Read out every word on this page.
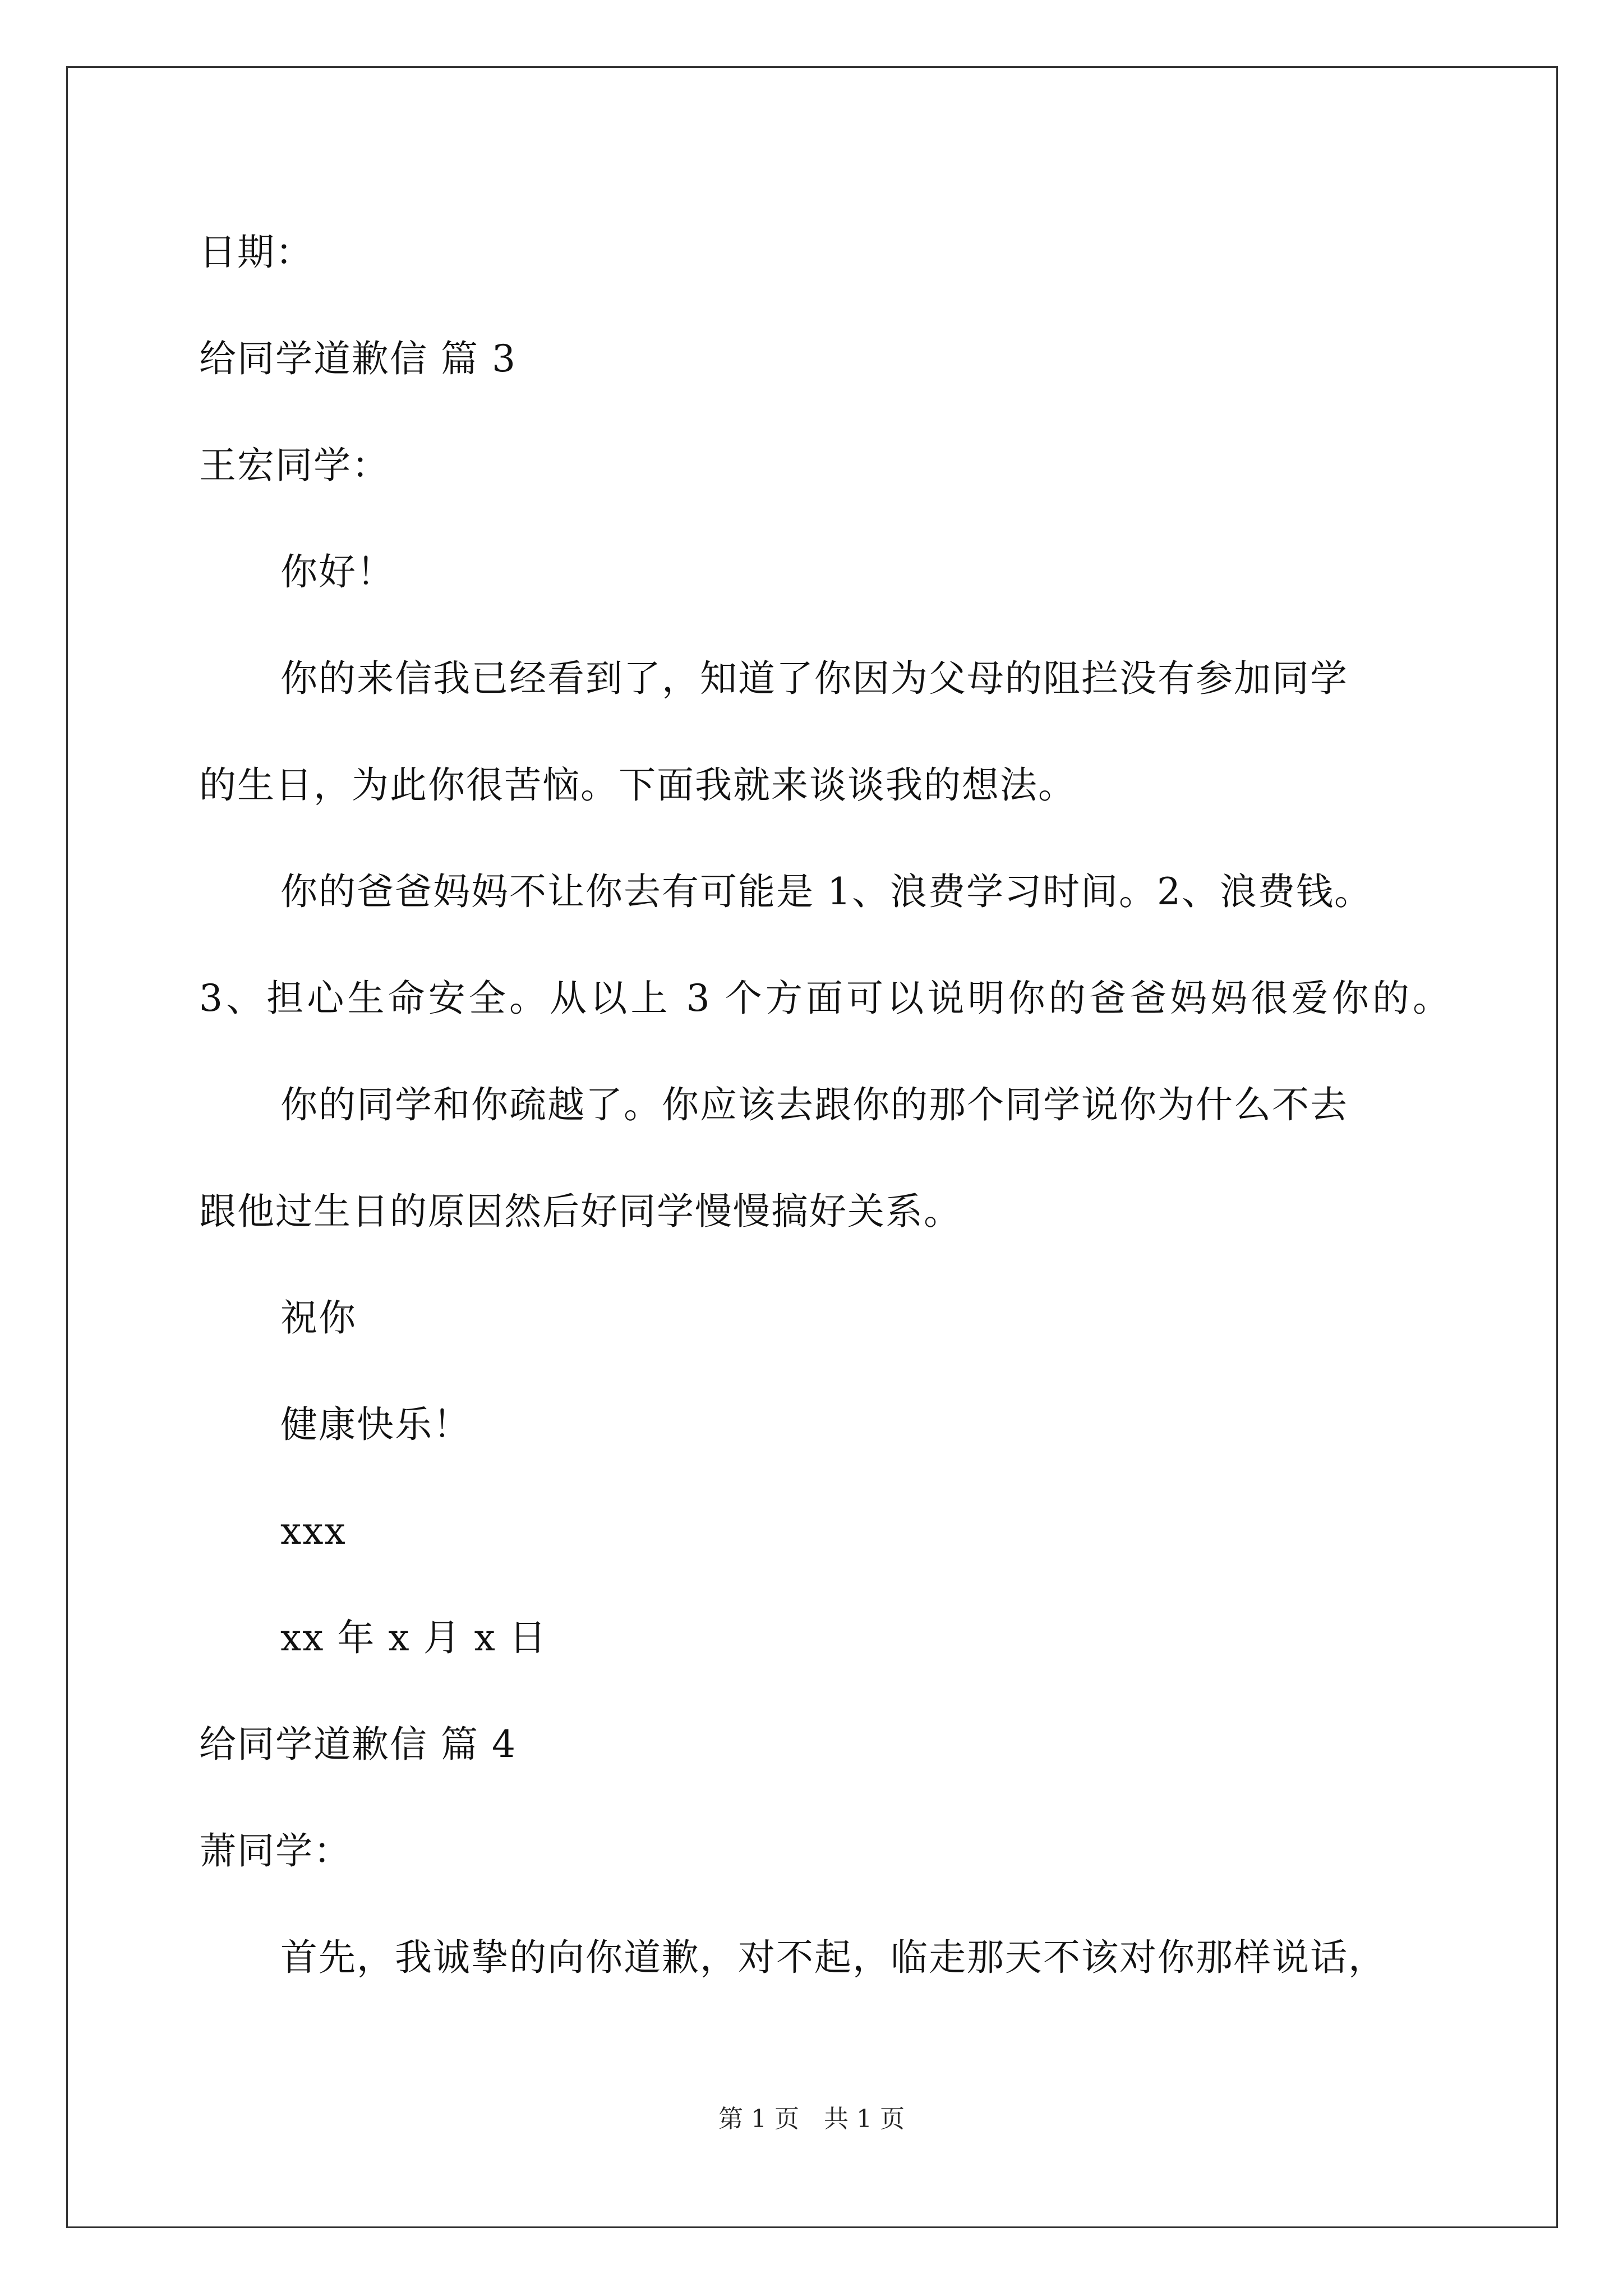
日期：
给同学道歉信 篇 3
王宏同学：
你好！
你的来信我已经看到了，知道了你因为父母的阻拦没有参加同学
的生日，为此你很苦恼。下面我就来谈谈我的想法。
你的爸爸妈妈不让你去有可能是 1、浪费学习时间。2、浪费钱。
3、担心生命安全。从以上 3 个方面可以说明你的爸爸妈妈很爱你的。
你的同学和你疏越了。你应该去跟你的那个同学说你为什么不去
跟他过生日的原因然后好同学慢慢搞好关系。
祝你
健康快乐！
xxx
xx 年 x 月 x 日
给同学道歉信 篇 4
萧同学：
首先，我诚挚的向你道歉，对不起，临走那天不该对你那样说话，
第 1 页　共 1 页
